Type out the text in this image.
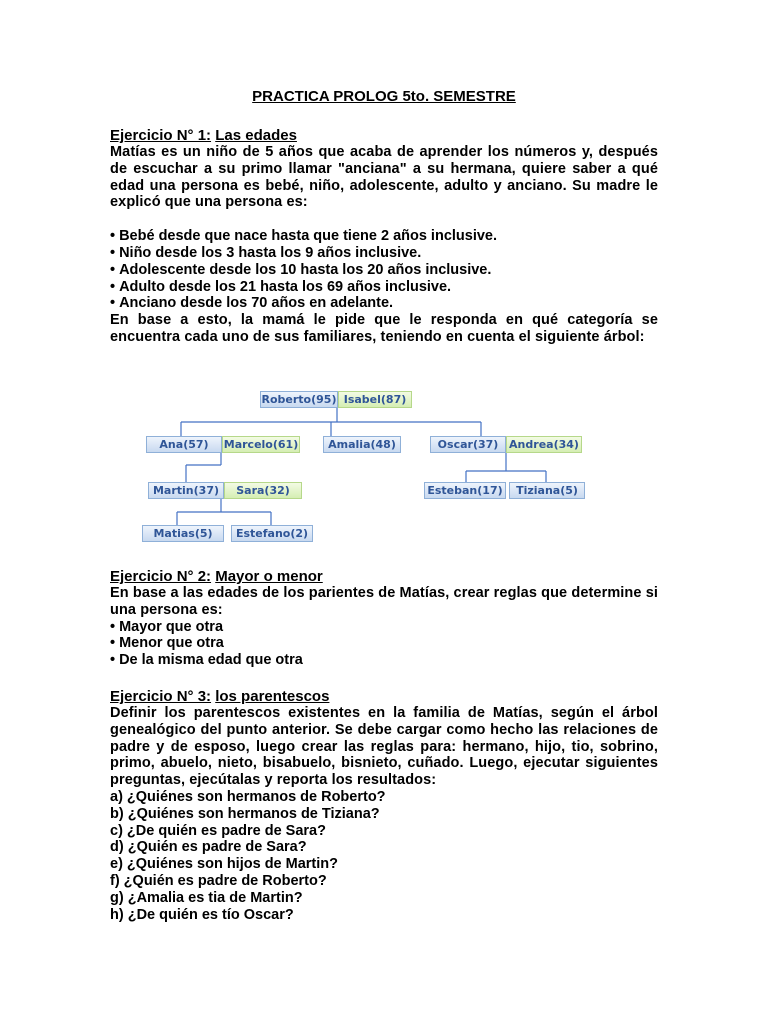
PRACTICA PROLOG 5to. SEMESTRE
Ejercicio N° 1: Las edades
Matías es un niño de 5 años que acaba de aprender los números y, después de escuchar a su primo llamar "anciana" a su hermana, quiere saber a qué edad una persona es bebé, niño, adolescente, adulto y anciano. Su madre le explicó que una persona es:
• Bebé desde que nace hasta que tiene 2 años inclusive.
• Niño desde los 3 hasta los 9 años inclusive.
• Adolescente desde los 10 hasta los 20 años inclusive.
• Adulto desde los 21 hasta los 69 años inclusive.
• Anciano desde los 70 años en adelante.
En base a esto, la mamá le pide que le responda en qué categoría se encuentra cada uno de sus familiares, teniendo en cuenta el siguiente árbol:
Roberto(95) Isabel(87)
Ana(57)	Marcelo(61)	Amalia(48)	Oscar(37) Andrea(34)
Martin(37)	Sara(32)	Esteban(17)	Tiziana(5)
Matias(5)	Estefano(2)
Ejercicio N° 2: Mayor o menor
En base a las edades de los parientes de Matías, crear reglas que determine si una persona es:
• Mayor que otra
• Menor que otra
• De la misma edad que otra
Ejercicio N° 3: los parentescos
Definir los parentescos existentes en la familia de Matías, según el árbol genealógico del punto anterior. Se debe cargar como hecho las relaciones de padre y de esposo, luego crear las reglas para: hermano, hijo, tio, sobrino, primo, abuelo, nieto, bisabuelo, bisnieto, cuñado. Luego, ejecutar siguientes preguntas, ejecútalas y reporta los resultados:
a) ¿Quiénes son hermanos de Roberto?
b) ¿Quiénes son hermanos de Tiziana?
c) ¿De quién es padre de Sara?
d) ¿Quién es padre de Sara?
e) ¿Quiénes son hijos de Martin?
f) ¿Quién es padre de Roberto?
g) ¿Amalia es tia de Martin?
h) ¿De quién es tío Oscar?
